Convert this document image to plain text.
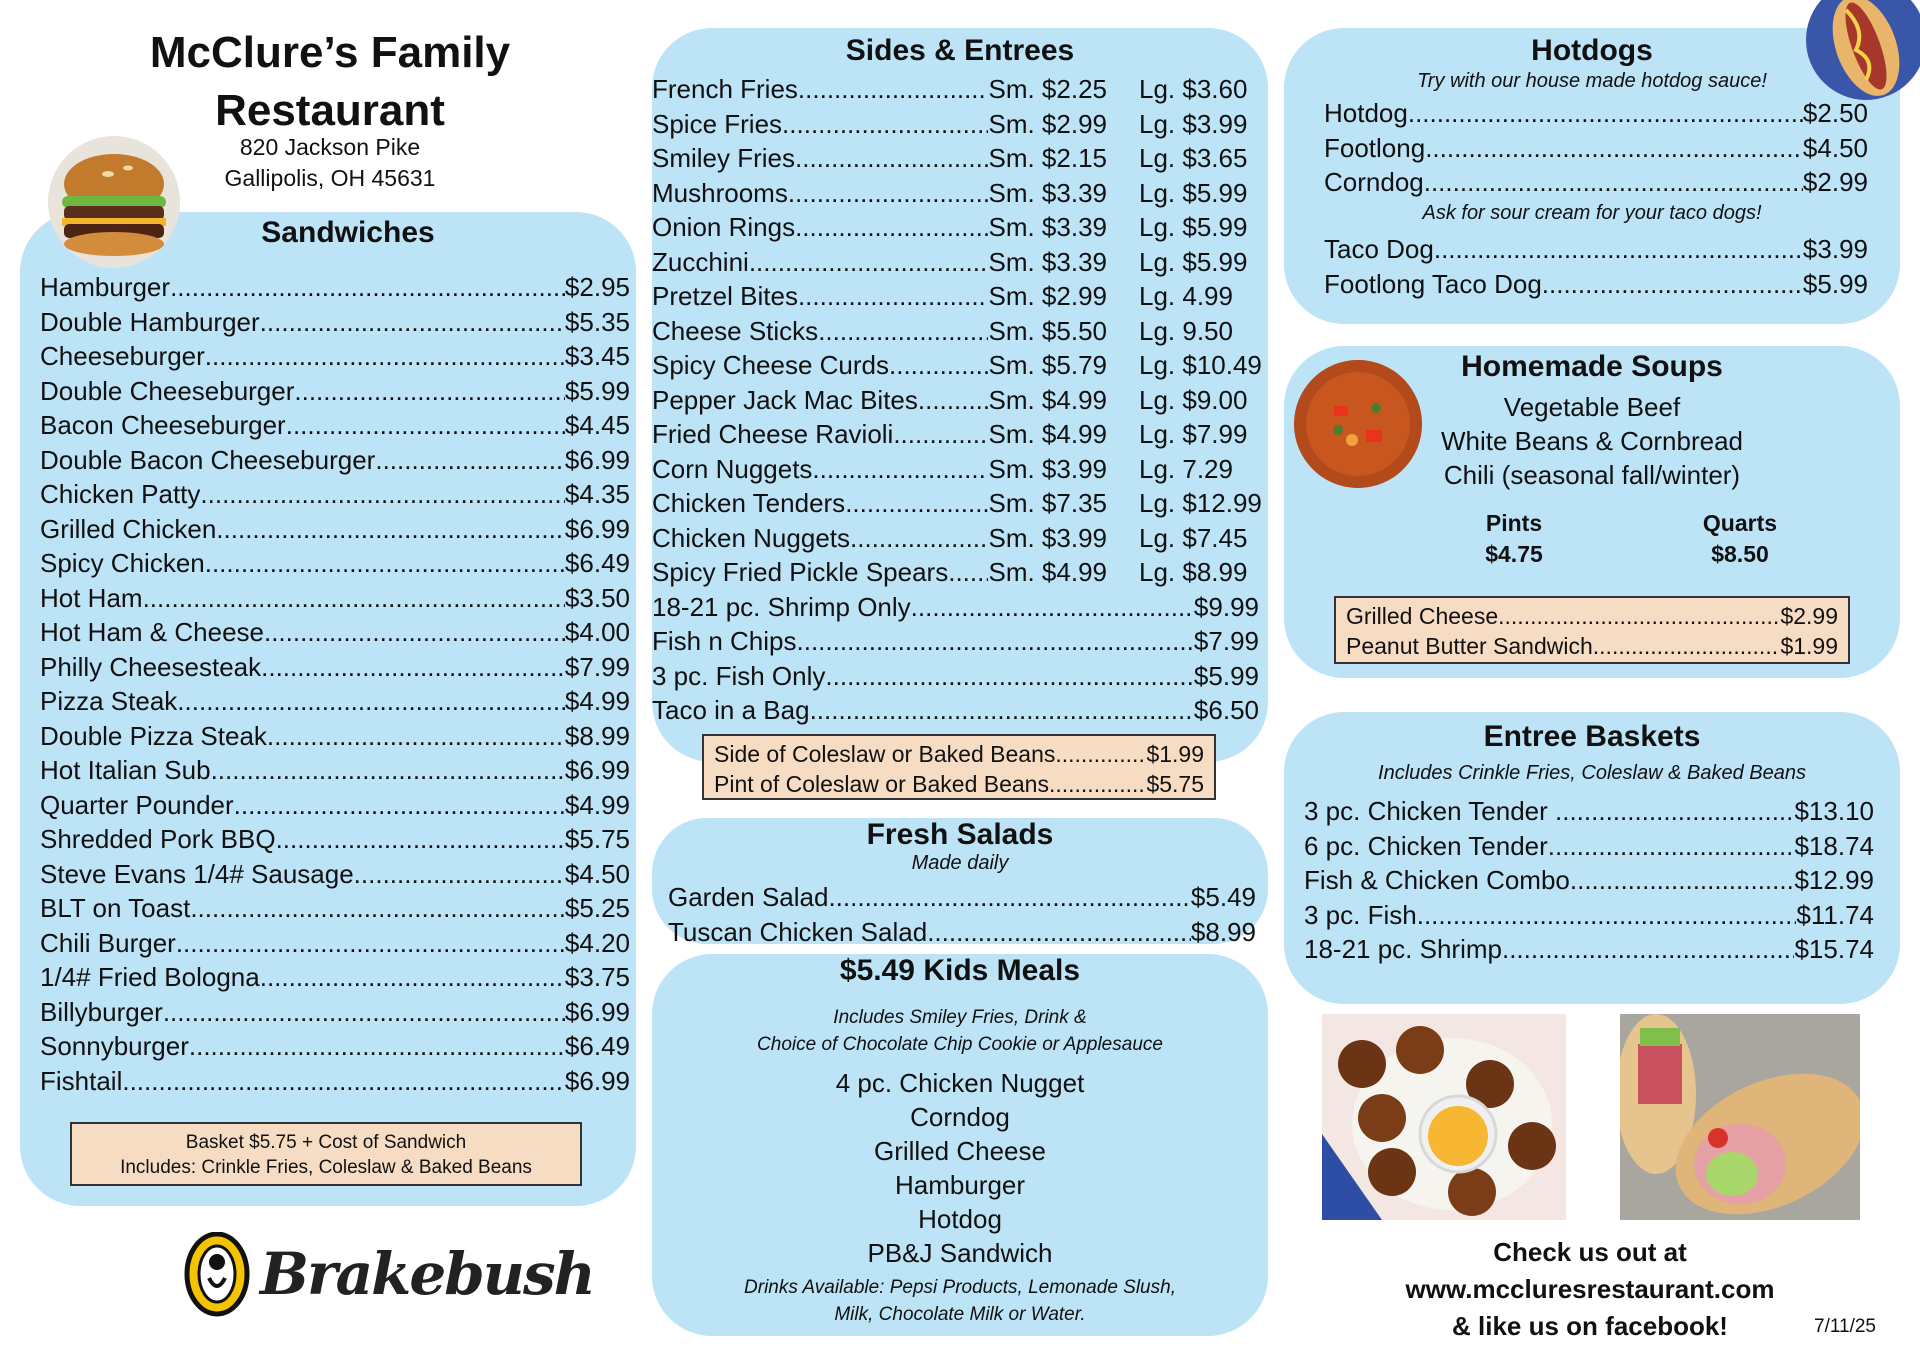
McClure’s Family
Restaurant
820 Jackson Pike
Gallipolis, OH 45631
Sandwiches
Hamburger .....	$2.95
Double Hamburger .....	$5.35
Cheeseburger .....	$3.45
Double Cheeseburger .....	$5.99
Bacon Cheeseburger .....	$4.45
Double Bacon Cheeseburger .....	$6.99
Chicken Patty .....	$4.35
Grilled Chicken .....	$6.99
Spicy Chicken .....	$6.49
Hot Ham .....	$3.50
Hot Ham & Cheese .....	$4.00
Philly Cheesesteak .....	$7.99
Pizza Steak .....	$4.99
Double Pizza Steak .....	$8.99
Hot Italian Sub .....	$6.99
Quarter Pounder .....	$4.99
Shredded Pork BBQ .....	$5.75
Steve Evans 1/4# Sausage .....	$4.50
BLT on Toast .....	$5.25
Chili Burger .....	$4.20
1/4# Fried Bologna .....	$3.75
Billyburger .....	$6.99
Sonnyburger .....	$6.49
Fishtail .....	$6.99
Basket $5.75 + Cost of Sandwich
Includes: Crinkle Fries, Coleslaw & Baked Beans
Brakebush
Sides & Entrees
French Fries .....	Sm. $2.25 Lg. $3.60
Spice Fries .....	Sm. $2.99 Lg. $3.99
Smiley Fries .....	Sm. $2.15 Lg. $3.65
Mushrooms .....	Sm. $3.39 Lg. $5.99
Onion Rings .....	Sm. $3.39 Lg. $5.99
Zucchini .....	Sm. $3.39 Lg. $5.99
Pretzel Bites .....	Sm. $2.99 Lg. 4.99
Cheese Sticks .....	Sm. $5.50 Lg. 9.50
Spicy Cheese Curds .....	Sm. $5.79 Lg. $10.49
Pepper Jack Mac Bites .....	Sm. $4.99 Lg. $9.00
Fried Cheese Ravioli .....	Sm. $4.99 Lg. $7.99
Corn Nuggets .....	Sm. $3.99 Lg. 7.29
Chicken Tenders .....	Sm. $7.35 Lg. $12.99
Chicken Nuggets .....	Sm. $3.99 Lg. $7.45
Spicy Fried Pickle Spears ..... Sm. $4.99 Lg. $8.99
18-21 pc. Shrimp Only .....	$9.99
Fish n Chips .....	$7.99
3 pc. Fish Only .....	$5.99
Taco in a Bag .....	$6.50
Side of Coleslaw or Baked Beans .....	$1.99
Pint of Coleslaw or Baked Beans .....	$5.75
Fresh Salads
Made daily
Garden Salad .....	$5.49
Tuscan Chicken Salad .....	$8.99
$5.49 Kids Meals
Includes Smiley Fries, Drink &
Choice of Chocolate Chip Cookie or Applesauce
4 pc. Chicken Nugget
Corndog
Grilled Cheese
Hamburger
Hotdog
PB&J Sandwich
Drinks Available: Pepsi Products, Lemonade Slush,
Milk, Chocolate Milk or Water.
Hotdogs
Try with our house made hotdog sauce!
Hotdog .....	$2.50
Footlong .....	$4.50
Corndog .....	$2.99
Ask for sour cream for your taco dogs!
Taco Dog .....	$3.99
Footlong Taco Dog .....	$5.99
Homemade Soups
Vegetable Beef
White Beans & Cornbread
Chili (seasonal fall/winter)
Pints
$4.75
Quarts
$8.50
Grilled Cheese .....	$2.99
Peanut Butter Sandwich .....	$1.99
Entree Baskets
Includes Crinkle Fries, Coleslaw & Baked Beans
3 pc. Chicken Tender .....	$13.10
6 pc. Chicken Tender .....	$18.74
Fish & Chicken Combo .....	$12.99
3 pc. Fish .....	$11.74
18-21 pc. Shrimp .....	$15.74
Check us out at
www.mccluresrestaurant.com
& like us on facebook!	7/11/25
